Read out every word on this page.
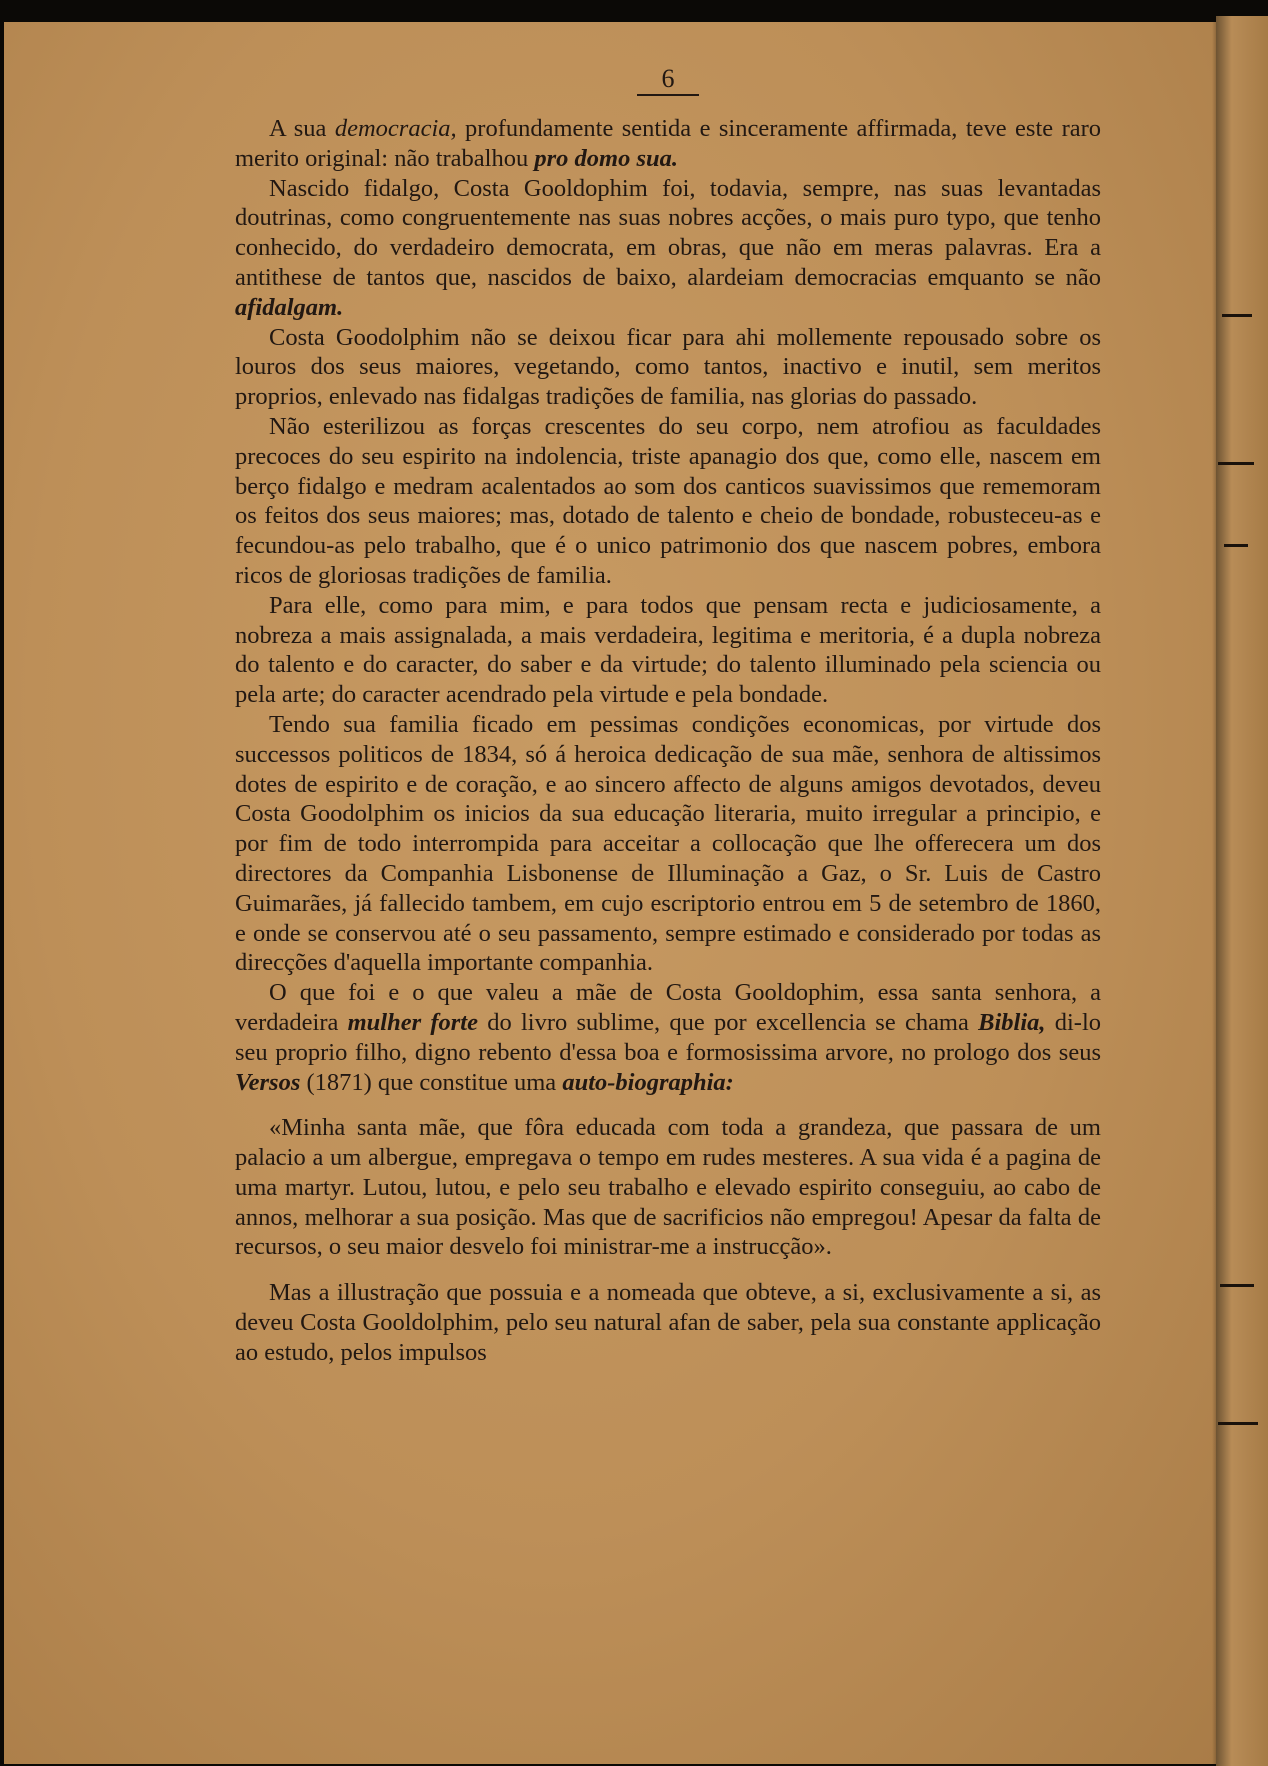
6

A sua democracia, profundamente sentida e sinceramente affirmada, teve este raro merito original: não trabalhou pro domo sua.

Nascido fidalgo, Costa Gooldophim foi, todavia, sempre, nas suas levantadas doutrinas, como congruentemente nas suas nobres acções, o mais puro typo, que tenho conhecido, do verdadeiro democrata, em obras, que não em meras palavras. Era a antithese de tantos que, nascidos de baixo, alardeiam democracias emquanto se não afidalgam.

Costa Goodolphim não se deixou ficar para ahi mollemente repousado sobre os louros dos seus maiores, vegetando, como tantos, inactivo e inutil, sem meritos proprios, enlevado nas fidalgas tradições de familia, nas glorias do passado.

Não esterilizou as forças crescentes do seu corpo, nem atrofiou as faculdades precoces do seu espirito na indolencia, triste apanagio dos que, como elle, nascem em berço fidalgo e medram acalentados ao som dos canticos suavissimos que rememoram os feitos dos seus maiores; mas, dotado de talento e cheio de bondade, robusteceu-as e fecundou-as pelo trabalho, que é o unico patrimonio dos que nascem pobres, embora ricos de gloriosas tradições de familia.

Para elle, como para mim, e para todos que pensam recta e judiciosamente, a nobreza a mais assignalada, a mais verdadeira, legitima e meritoria, é a dupla nobreza do talento e do caracter, do saber e da virtude; do talento illuminado pela sciencia ou pela arte; do caracter acendrado pela virtude e pela bondade.

Tendo sua familia ficado em pessimas condições economicas, por virtude dos successos politicos de 1834, só á heroica dedicação de sua mãe, senhora de altissimos dotes de espirito e de coração, e ao sincero affecto de alguns amigos devotados, deveu Costa Goodolphim os inicios da sua educação literaria, muito irregular a principio, e por fim de todo interrompida para acceitar a collocação que lhe offerecera um dos directores da Companhia Lisbonense de Illuminação a Gaz, o Sr. Luis de Castro Guimarães, já fallecido tambem, em cujo escriptorio entrou em 5 de setembro de 1860, e onde se conservou até o seu passamento, sempre estimado e considerado por todas as direcções d'aquella importante companhia.

O que foi e o que valeu a mãe de Costa Gooldophim, essa santa senhora, a verdadeira mulher forte do livro sublime, que por excellencia se chama Biblia, di-lo seu proprio filho, digno rebento d'essa boa e formosissima arvore, no prologo dos seus Versos (1871) que constitue uma auto-biographia:

«Minha santa mãe, que fôra educada com toda a grandeza, que passara de um palacio a um albergue, empregava o tempo em rudes mesteres. A sua vida é a pagina de uma martyr. Lutou, lutou, e pelo seu trabalho e elevado espirito conseguiu, ao cabo de annos, melhorar a sua posição. Mas que de sacrificios não empregou! Apesar da falta de recursos, o seu maior desvelo foi ministrar-me a instrucção».

Mas a illustração que possuia e a nomeada que obteve, a si, exclusivamente a si, as deveu Costa Gooldolphim, pelo seu natural afan de saber, pela sua constante applicação ao estudo, pelos impulsos
